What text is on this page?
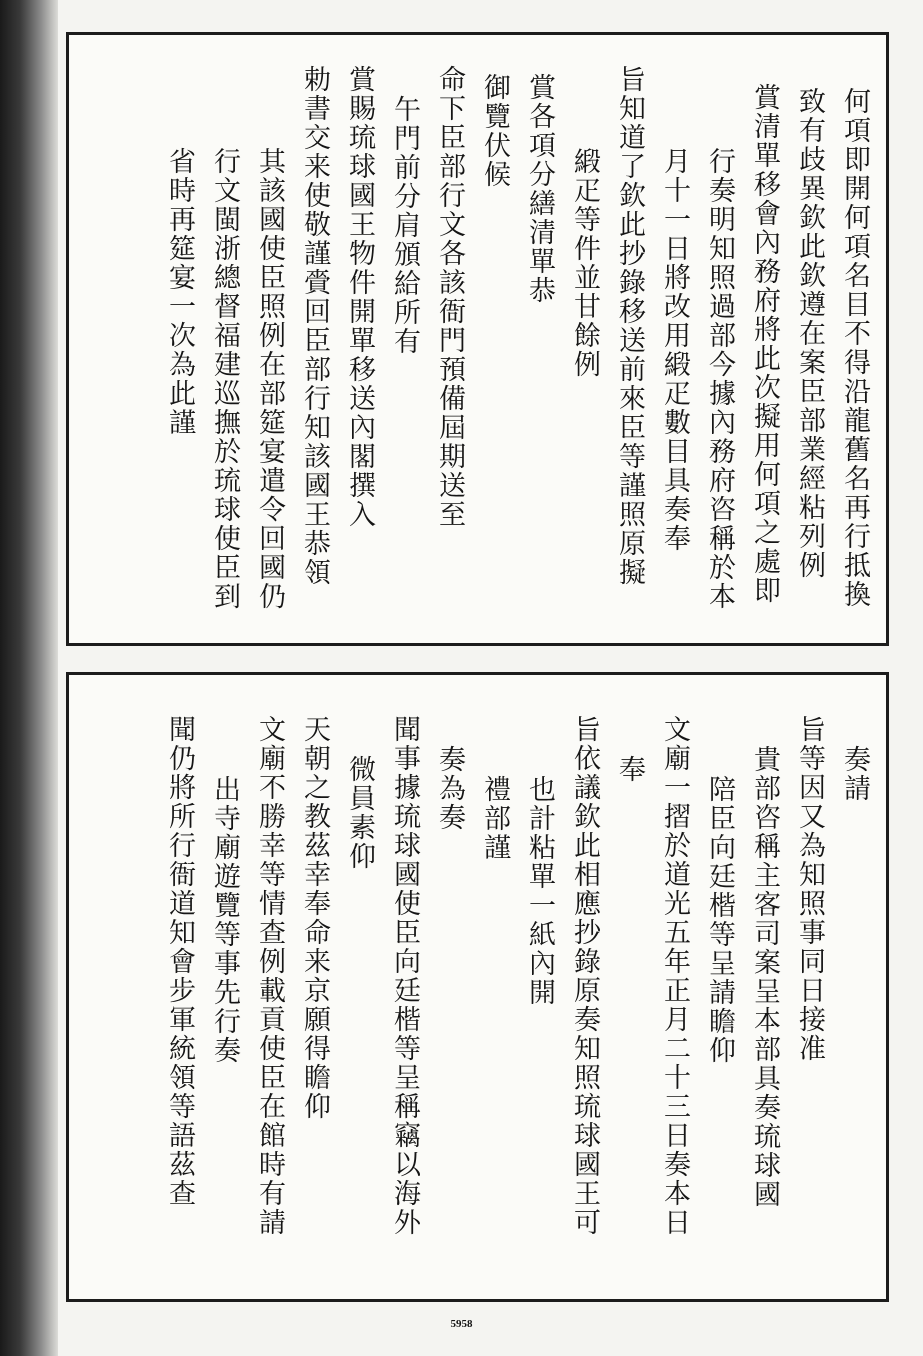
何項即開何項名目不得沿龍舊名再行抵換
致有歧異欽此欽遵在案臣部業經粘列例
賞清單移會內務府將此次擬用何項之處即
行奏明知照過部今據內務府咨稱於本
月十一日將改用緞疋數目具奏奉
旨知道了欽此抄錄移送前來臣等謹照原擬
緞疋等件並甘餘例
賞各項分繕清單恭
御覽伏候
命下臣部行文各該衙門預備屆期送至
午門前分肩頒給所有
賞賜琉球國王物件開單移送內閣撰入
勅書交来使敬謹賫回臣部行知該國王恭領
其該國使臣照例在部筵宴遣令回國仍
行文閩浙總督福建巡撫於琉球使臣到
省時再筵宴一次為此謹
奏請
旨等因又為知照事同日接准
貴部咨稱主客司案呈本部具奏琉球國
陪臣向廷楷等呈請瞻仰
文廟一摺於道光五年正月二十三日奏本日
奉
旨依議欽此相應抄錄原奏知照琉球國王可
也計粘單一紙內開
禮部謹
奏為奏
聞事據琉球國使臣向廷楷等呈稱竊以海外
微員素仰
天朝之教茲幸奉命来京願得瞻仰
文廟不勝幸等情查例載貢使臣在館時有請
出寺廟遊覽等事先行奏
聞仍將所行衙道知會步軍統領等語茲查
5958
